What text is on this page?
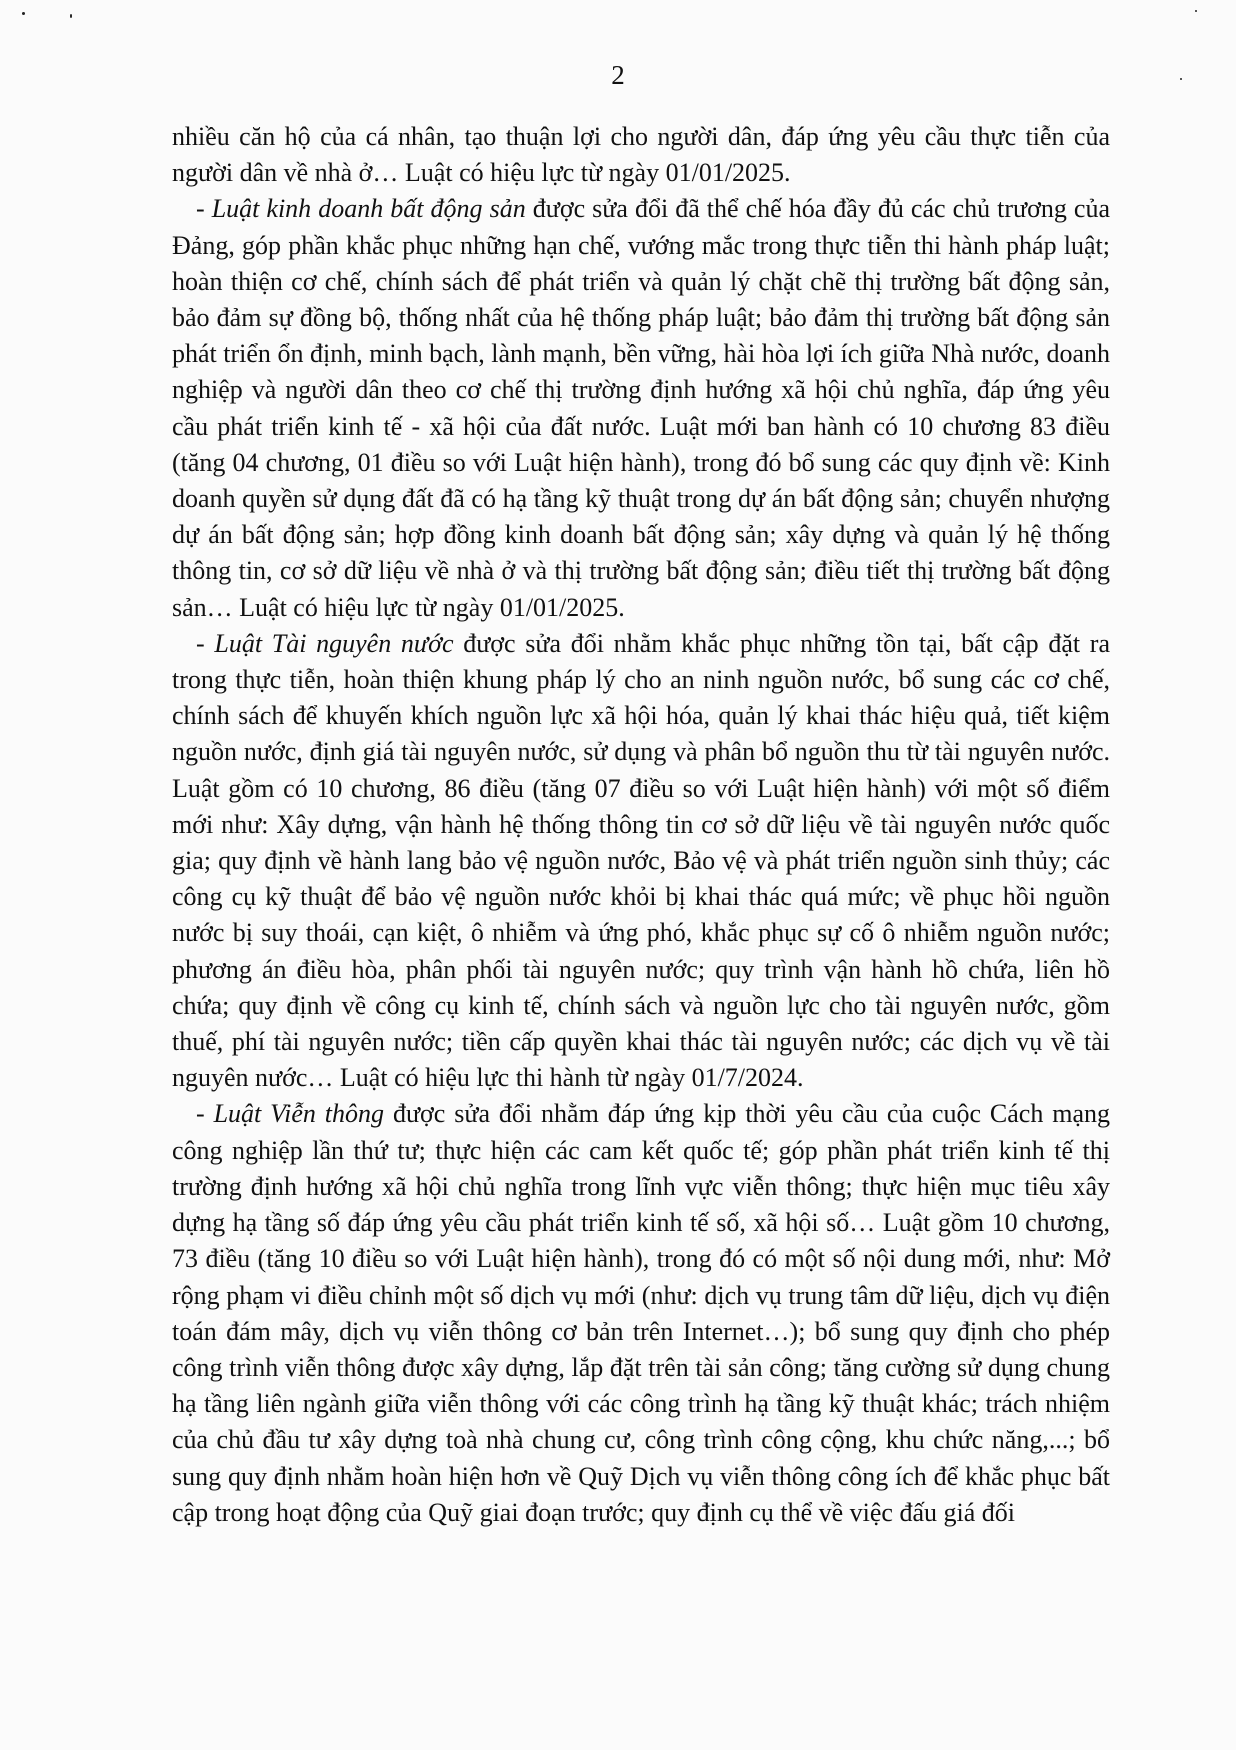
2

nhiều căn hộ của cá nhân, tạo thuận lợi cho người dân, đáp ứng yêu cầu thực tiễn của người dân về nhà ở… Luật có hiệu lực từ ngày 01/01/2025.

- Luật kinh doanh bất động sản được sửa đổi đã thể chế hóa đầy đủ các chủ trương của Đảng, góp phần khắc phục những hạn chế, vướng mắc trong thực tiễn thi hành pháp luật; hoàn thiện cơ chế, chính sách để phát triển và quản lý chặt chẽ thị trường bất động sản, bảo đảm sự đồng bộ, thống nhất của hệ thống pháp luật; bảo đảm thị trường bất động sản phát triển ổn định, minh bạch, lành mạnh, bền vững, hài hòa lợi ích giữa Nhà nước, doanh nghiệp và người dân theo cơ chế thị trường định hướng xã hội chủ nghĩa, đáp ứng yêu cầu phát triển kinh tế - xã hội của đất nước. Luật mới ban hành có 10 chương 83 điều (tăng 04 chương, 01 điều so với Luật hiện hành), trong đó bổ sung các quy định về: Kinh doanh quyền sử dụng đất đã có hạ tầng kỹ thuật trong dự án bất động sản; chuyển nhượng dự án bất động sản; hợp đồng kinh doanh bất động sản; xây dựng và quản lý hệ thống thông tin, cơ sở dữ liệu về nhà ở và thị trường bất động sản; điều tiết thị trường bất động sản… Luật có hiệu lực từ ngày 01/01/2025.

- Luật Tài nguyên nước được sửa đổi nhằm khắc phục những tồn tại, bất cập đặt ra trong thực tiễn, hoàn thiện khung pháp lý cho an ninh nguồn nước, bổ sung các cơ chế, chính sách để khuyến khích nguồn lực xã hội hóa, quản lý khai thác hiệu quả, tiết kiệm nguồn nước, định giá tài nguyên nước, sử dụng và phân bổ nguồn thu từ tài nguyên nước. Luật gồm có 10 chương, 86 điều (tăng 07 điều so với Luật hiện hành) với một số điểm mới như: Xây dựng, vận hành hệ thống thông tin cơ sở dữ liệu về tài nguyên nước quốc gia; quy định về hành lang bảo vệ nguồn nước, Bảo vệ và phát triển nguồn sinh thủy; các công cụ kỹ thuật để bảo vệ nguồn nước khỏi bị khai thác quá mức; về phục hồi nguồn nước bị suy thoái, cạn kiệt, ô nhiễm và ứng phó, khắc phục sự cố ô nhiễm nguồn nước; phương án điều hòa, phân phối tài nguyên nước; quy trình vận hành hồ chứa, liên hồ chứa; quy định về công cụ kinh tế, chính sách và nguồn lực cho tài nguyên nước, gồm thuế, phí tài nguyên nước; tiền cấp quyền khai thác tài nguyên nước; các dịch vụ về tài nguyên nước… Luật có hiệu lực thi hành từ ngày 01/7/2024.

- Luật Viễn thông được sửa đổi nhằm đáp ứng kịp thời yêu cầu của cuộc Cách mạng công nghiệp lần thứ tư; thực hiện các cam kết quốc tế; góp phần phát triển kinh tế thị trường định hướng xã hội chủ nghĩa trong lĩnh vực viễn thông; thực hiện mục tiêu xây dựng hạ tầng số đáp ứng yêu cầu phát triển kinh tế số, xã hội số… Luật gồm 10 chương, 73 điều (tăng 10 điều so với Luật hiện hành), trong đó có một số nội dung mới, như: Mở rộng phạm vi điều chỉnh một số dịch vụ mới (như: dịch vụ trung tâm dữ liệu, dịch vụ điện toán đám mây, dịch vụ viễn thông cơ bản trên Internet…); bổ sung quy định cho phép công trình viễn thông được xây dựng, lắp đặt trên tài sản công; tăng cường sử dụng chung hạ tầng liên ngành giữa viễn thông với các công trình hạ tầng kỹ thuật khác; trách nhiệm của chủ đầu tư xây dựng toà nhà chung cư, công trình công cộng, khu chức năng,...; bổ sung quy định nhằm hoàn hiện hơn về Quỹ Dịch vụ viễn thông công ích để khắc phục bất cập trong hoạt động của Quỹ giai đoạn trước; quy định cụ thể về việc đấu giá đối
